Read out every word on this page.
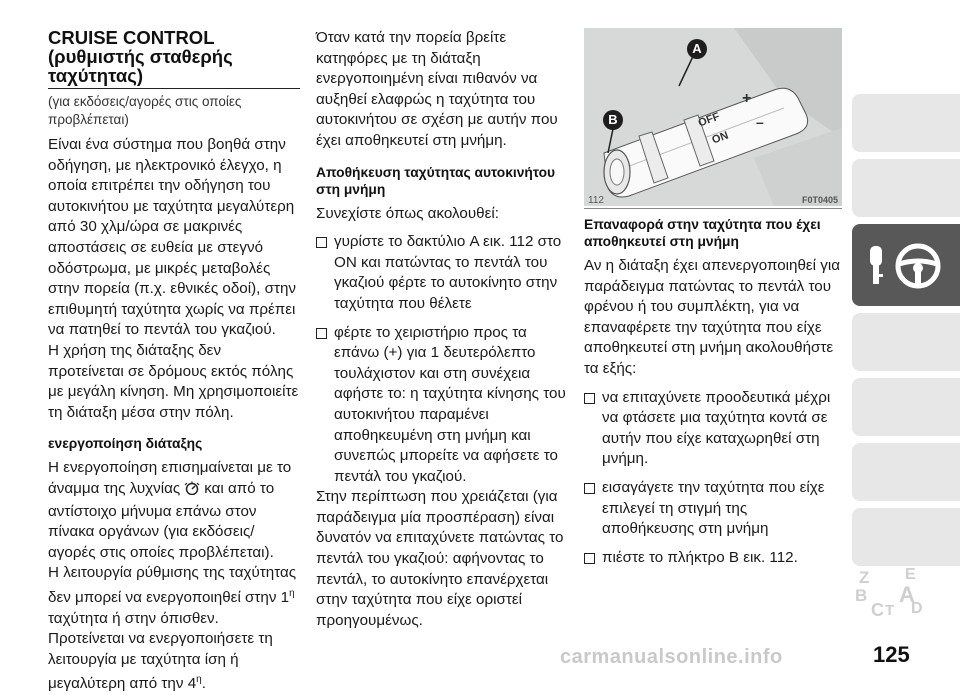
CRUISE CONTROL
(ρυθμιστής σταθερής
ταχύτητας)

(για εκδόσεις/αγορές στις οποίες προβλέπεται)

Είναι ένα σύστημα που βοηθά στην οδήγηση, με ηλεκτρονικό έλεγχο, η οποία επιτρέπει την οδήγηση του αυτοκινήτου με ταχύτητα μεγαλύτερη από 30 χλμ/ώρα σε μακρινές αποστάσεις σε ευθεία με στεγνό οδόστρωμα, με μικρές μεταβολές στην πορεία (π.χ. εθνικές οδοί), στην επιθυμητή ταχύτητα χωρίς να πρέπει να πατηθεί το πεντάλ του γκαζιού.

Η χρήση της διάταξης δεν προτείνεται σε δρόμους εκτός πόλης με μεγάλη κίνηση. Μη χρησιμοποιείτε τη διάταξη μέσα στην πόλη.

ενεργοποίηση διάταξης

Η ενεργοποίηση επισημαίνεται με το άναμμα της λυχνίας και από το αντίστοιχο μήνυμα επάνω στον πίνακα οργάνων (για εκδόσεις/αγορές στις οποίες προβλέπεται).

Η λειτουργία ρύθμισης της ταχύτητας δεν μπορεί να ενεργοποιηθεί στην $1^\eta$ ταχύτητα ή στην όπισθεν.

Προτείνεται να ενεργοποιήσετε τη λειτουργία με ταχύτητα ίση ή μεγαλύτερη από την $4^\eta$.

Όταν κατά την πορεία βρείτε κατηφόρες με τη διάταξη ενεργοποιημένη είναι πιθανόν να αυξηθεί ελαφρώς η ταχύτητα του αυτοκινήτου σε σχέση με αυτήν που έχει αποθηκευτεί στη μνήμη.

Αποθήκευση ταχύτητας αυτοκινήτου στη μνήμη

Συνεχίστε όπως ακολουθεί:

γυρίστε το δακτύλιο A εικ. 112 στο ON και πατώντας το πεντάλ του γκαζιού φέρτε το αυτοκίνητο στην ταχύτητα που θέλετε

φέρτε το χειριστήριο προς τα επάνω (+) για 1 δευτερόλεπτο τουλάχιστον και στη συνέχεια αφήστε το: η ταχύτητα κίνησης του αυτοκινήτου παραμένει αποθηκευμένη στη μνήμη και συνεπώς μπορείτε να αφήσετε το πεντάλ του γκαζιού.

Στην περίπτωση που χρειάζεται (για παράδειγμα μία προσπέραση) είναι δυνατόν να επιταχύνετε πατώντας το πεντάλ του γκαζιού: αφήνοντας το πεντάλ, το αυτοκίνητο επανέρχεται στην ταχύτητα που είχε οριστεί προηγουμένως.

A
B	OFF
ON
+
–
112	F0T0405
Επαναφορά στην ταχύτητα που έχει αποθηκευτεί στη μνήμη

Αν η διάταξη έχει απενεργοποιηθεί για παράδειγμα πατώντας το πεντάλ του φρένου ή του συμπλέκτη, για να επαναφέρετε την ταχύτητα που είχε αποθηκευτεί στη μνήμη ακολουθήστε τα εξής:

να επιταχύνετε προοδευτικά μέχρι να φτάσετε μια ταχύτητα κοντά σε αυτήν που είχε καταχωρηθεί στη μνήμη.

εισαγάγετε την ταχύτητα που είχε επιλεγεί τη στιγμή της αποθήκευσης στη μνήμη

πιέστε το πλήκτρο B εικ. 112.

Z E
B A
C T D
carmanualsonline.info	125
